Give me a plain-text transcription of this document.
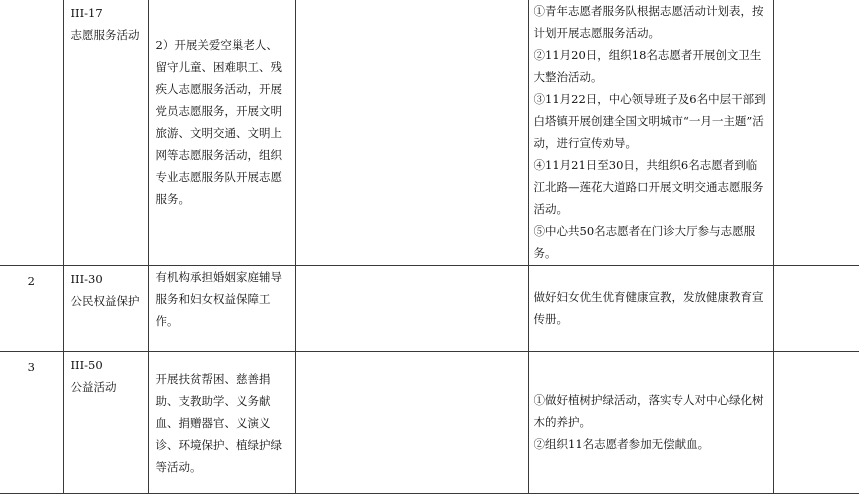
	III-17
志愿服务活动	2）开展关爱空巢老人、留守儿童、困难职工、残疾人志愿服务活动，开展党员志愿服务，开展文明旅游、文明交通、文明上网等志愿服务活动，组织专业志愿服务队开展志愿服务。		①青年志愿者服务队根据志愿活动计划表，按计划开展志愿服务活动。
②11月20日，组织18名志愿者开展创文卫生大整治活动。
③11月22日，中心领导班子及6名中层干部到白塔镇开展创建全国文明城市“一月一主题”活动，进行宣传劝导。
④11月21日至30日，共组织6名志愿者到临江北路—莲花大道路口开展文明交通志愿服务活动。
⑤中心共50名志愿者在门诊大厅参与志愿服务。	

2	III-30
公民权益保护	有机构承担婚姻家庭辅导服务和妇女权益保障工作。		做好妇女优生优育健康宣教，发放健康教育宣传册。	

3	III-50
公益活动	开展扶贫帮困、慈善捐助、支教助学、义务献血、捐赠器官、义演义诊、环境保护、植绿护绿等活动。		①做好植树护绿活动，落实专人对中心绿化树木的养护。
②组织11名志愿者参加无偿献血。	
